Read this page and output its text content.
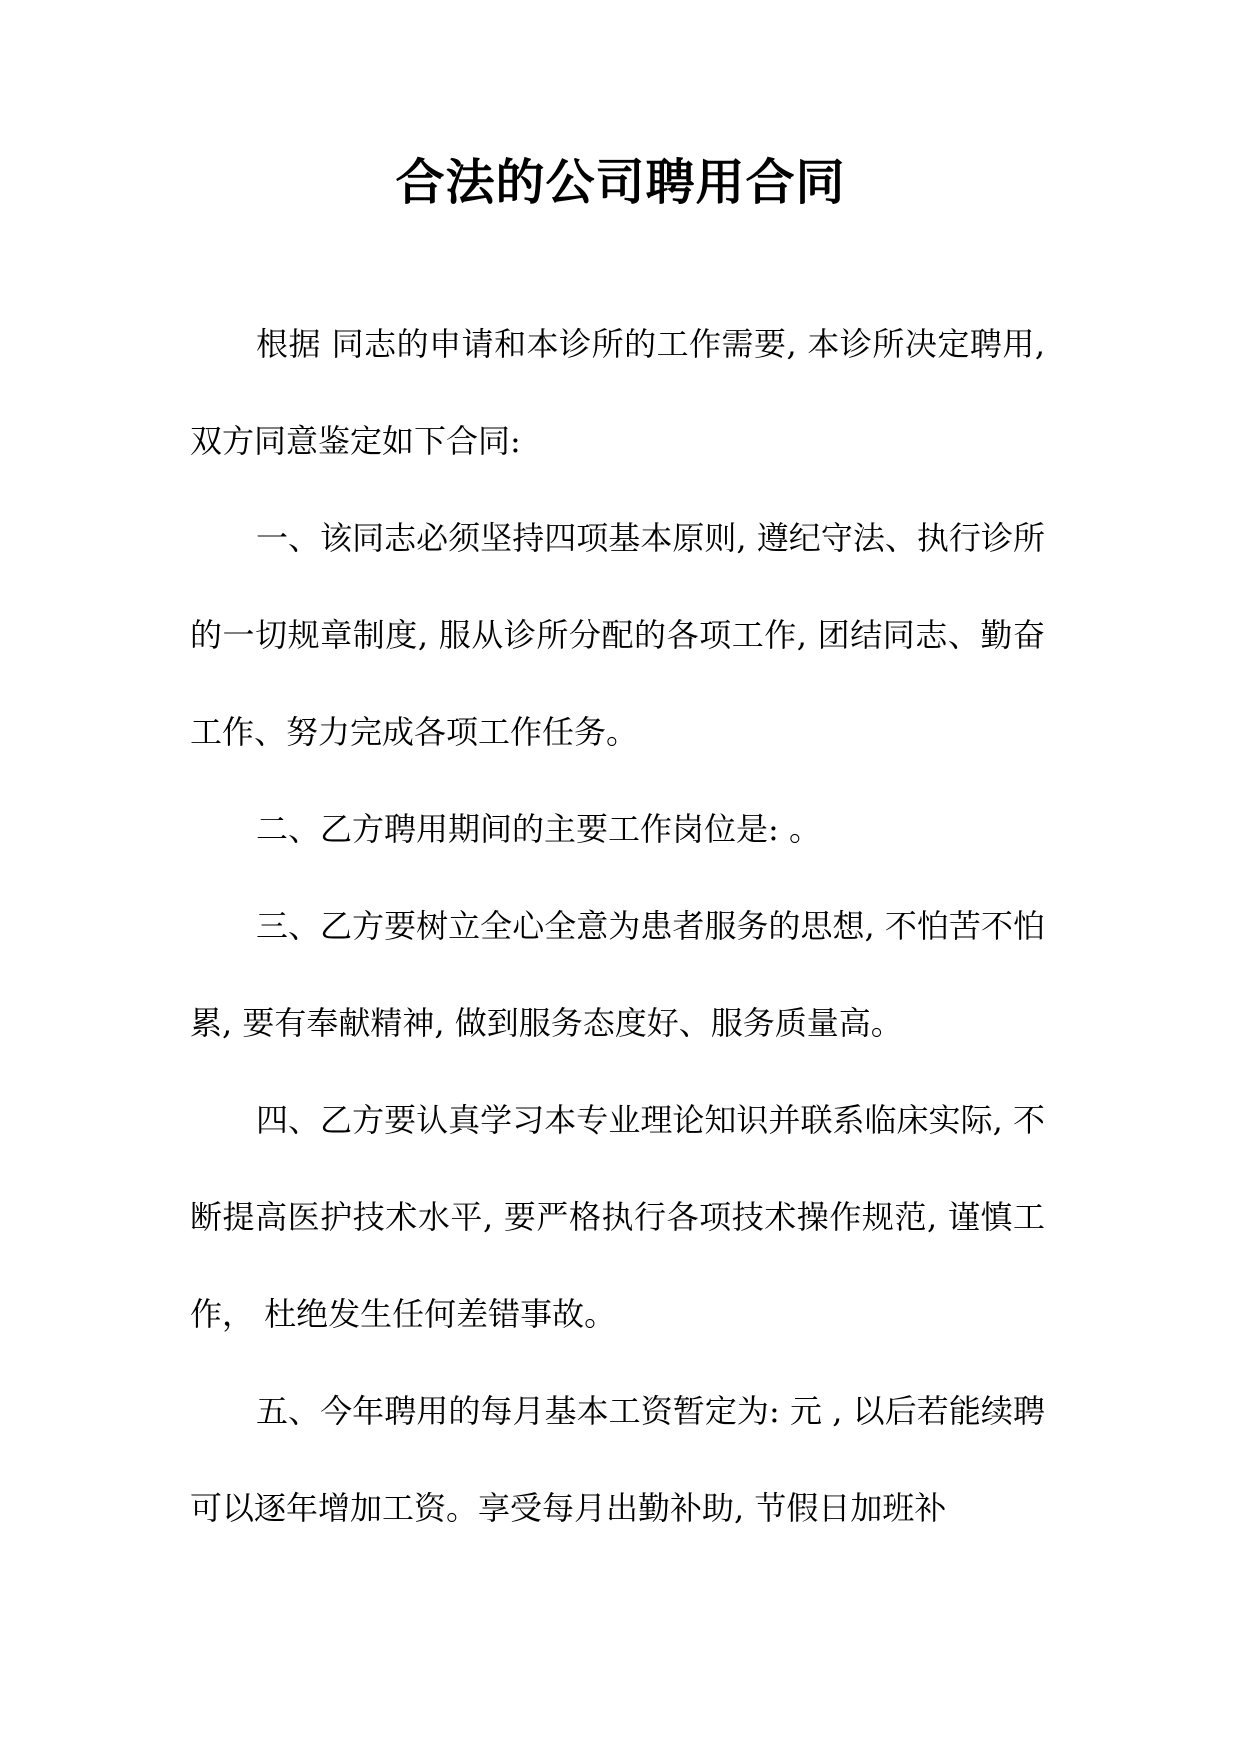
合法的公司聘用合同

根据 同志的申请和本诊所的工作需要, 本诊所决定聘用, 双方同意鉴定如下合同:

一、该同志必须坚持四项基本原则, 遵纪守法、执行诊所的一切规章制度, 服从诊所分配的各项工作, 团结同志、勤奋工作、努力完成各项工作任务。

二、乙方聘用期间的主要工作岗位是: 。

三、乙方要树立全心全意为患者服务的思想, 不怕苦不怕累, 要有奉献精神, 做到服务态度好、服务质量高。

四、乙方要认真学习本专业理论知识并联系临床实际, 不断提高医护技术水平, 要严格执行各项技术操作规范, 谨慎工作， 杜绝发生任何差错事故。

五、今年聘用的每月基本工资暂定为: 元 , 以后若能续聘可以逐年增加工资。享受每月出勤补助, 节假日加班补
